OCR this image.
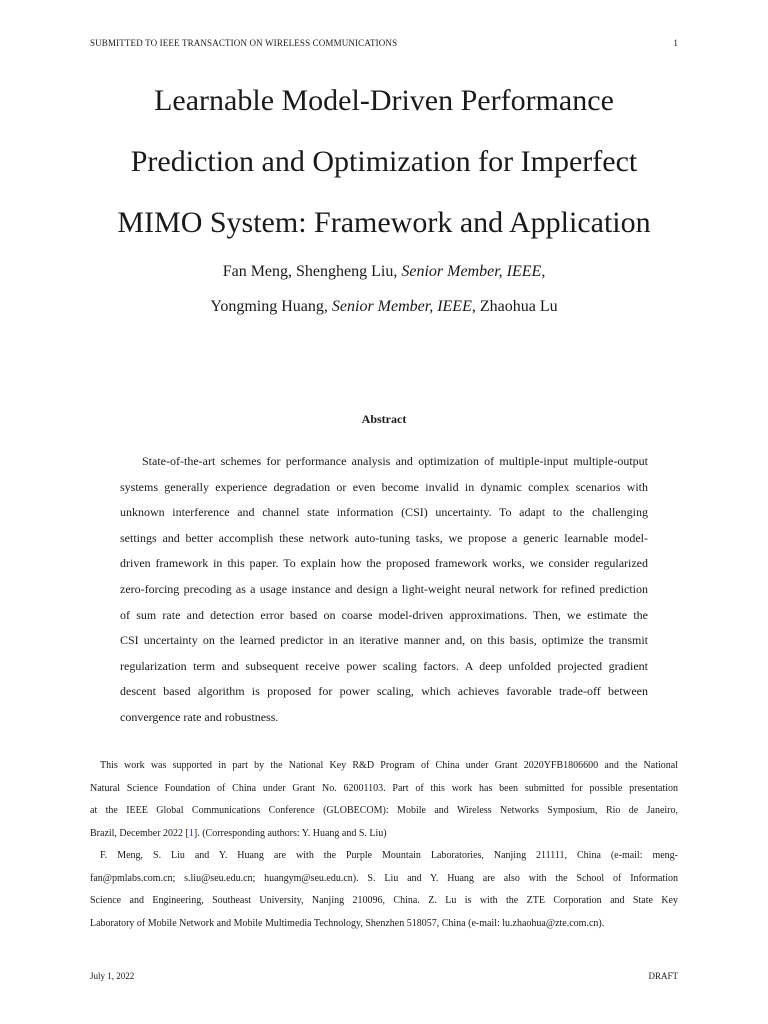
SUBMITTED TO IEEE TRANSACTION ON WIRELESS COMMUNICATIONS	1
Learnable Model-Driven Performance
Prediction and Optimization for Imperfect
MIMO System: Framework and Application
Fan Meng, Shengheng Liu, Senior Member, IEEE,
Yongming Huang, Senior Member, IEEE, Zhaohua Lu
Abstract
State-of-the-art schemes for performance analysis and optimization of multiple-input multiple-output
systems generally experience degradation or even become invalid in dynamic complex scenarios with
unknown interference and channel state information (CSI) uncertainty. To adapt to the challenging
settings and better accomplish these network auto-tuning tasks, we propose a generic learnable model-
driven framework in this paper. To explain how the proposed framework works, we consider regularized
zero-forcing precoding as a usage instance and design a light-weight neural network for refined prediction
of sum rate and detection error based on coarse model-driven approximations. Then, we estimate the
CSI uncertainty on the learned predictor in an iterative manner and, on this basis, optimize the transmit
regularization term and subsequent receive power scaling factors. A deep unfolded projected gradient
descent based algorithm is proposed for power scaling, which achieves favorable trade-off between
convergence rate and robustness.
This work was supported in part by the National Key R&D Program of China under Grant 2020YFB1806600 and the National
Natural Science Foundation of China under Grant No. 62001103. Part of this work has been submitted for possible presentation
at the IEEE Global Communications Conference (GLOBECOM): Mobile and Wireless Networks Symposium, Rio de Janeiro,
Brazil, December 2022 [1]. (Corresponding authors: Y. Huang and S. Liu)
F. Meng, S. Liu and Y. Huang are with the Purple Mountain Laboratories, Nanjing 211111, China (e-mail: meng-
fan@pmlabs.com.cn; s.liu@seu.edu.cn; huangym@seu.edu.cn). S. Liu and Y. Huang are also with the School of Information
Science and Engineering, Southeast University, Nanjing 210096, China. Z. Lu is with the ZTE Corporation and State Key
Laboratory of Mobile Network and Mobile Multimedia Technology, Shenzhen 518057, China (e-mail: lu.zhaohua@zte.com.cn).
July 1, 2022	DRAFT
